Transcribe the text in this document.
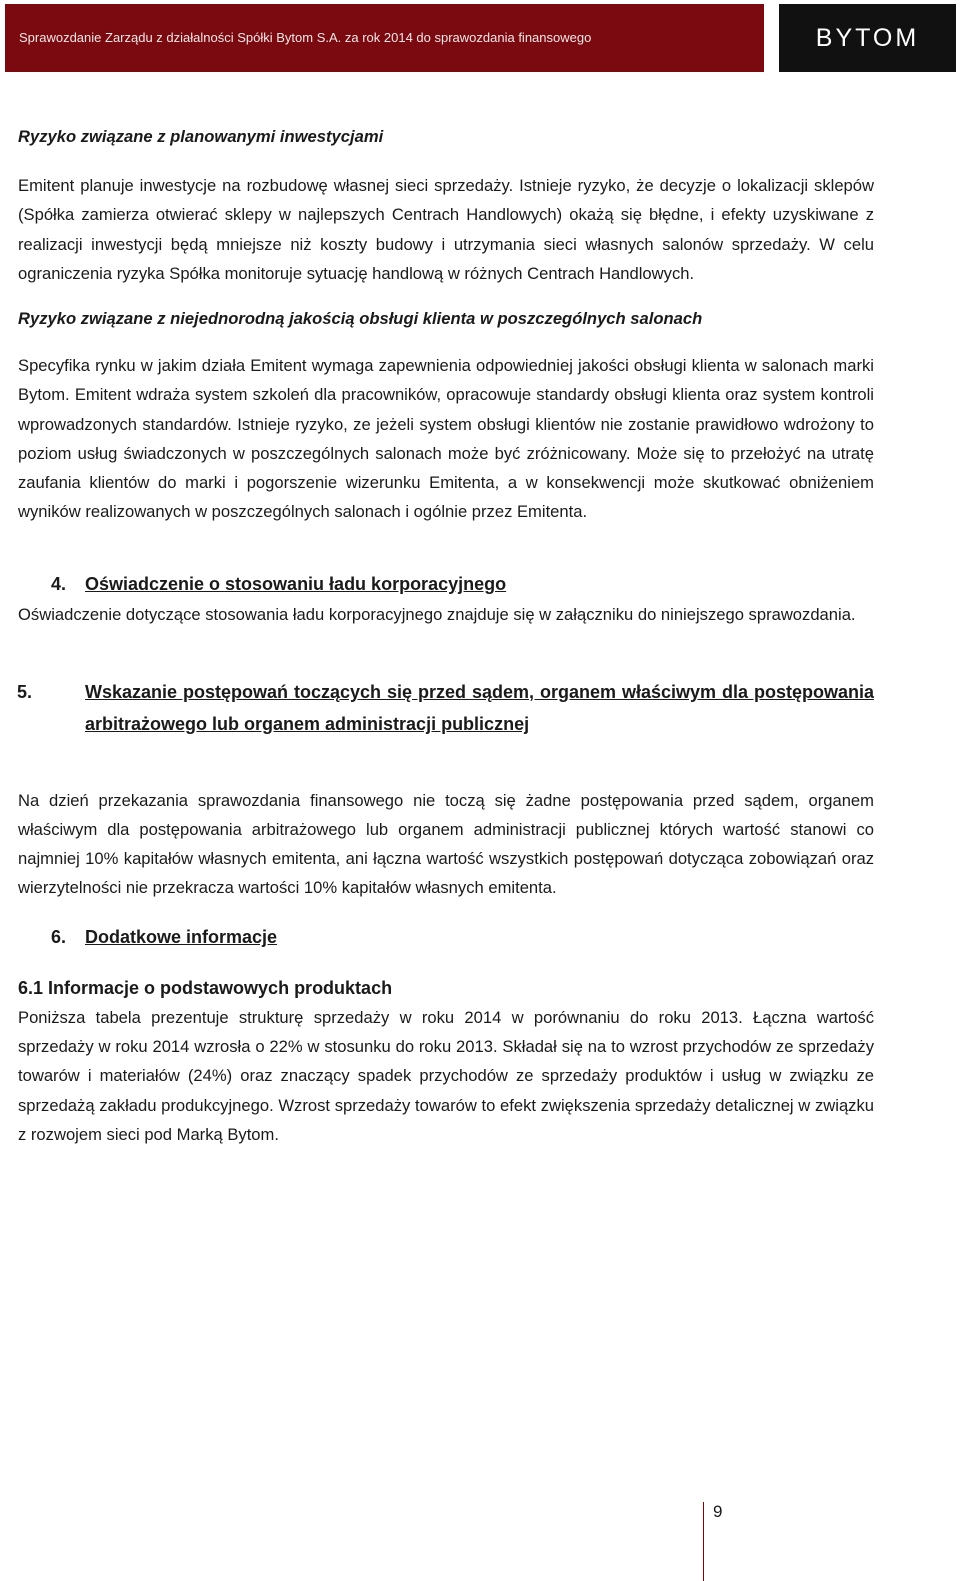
Sprawozdanie Zarządu z działalności Spółki Bytom S.A. za rok 2014 do sprawozdania finansowego	BYTOM

Ryzyko związane z planowanymi inwestycjami

Emitent planuje inwestycje na rozbudowę własnej sieci sprzedaży. Istnieje ryzyko, że decyzje o lokalizacji sklepów (Spółka zamierza otwierać sklepy w najlepszych Centrach Handlowych) okażą się błędne, i efekty uzyskiwane z realizacji inwestycji będą mniejsze niż koszty budowy i utrzymania sieci własnych salonów sprzedaży. W celu ograniczenia ryzyka Spółka monitoruje sytuację handlową w różnych Centrach Handlowych.

Ryzyko związane z niejednorodną jakością obsługi klienta w poszczególnych salonach

Specyfika rynku w jakim działa Emitent wymaga zapewnienia odpowiedniej jakości obsługi klienta w salonach marki Bytom. Emitent wdraża system szkoleń dla pracowników, opracowuje standardy obsługi klienta oraz system kontroli wprowadzonych standardów. Istnieje ryzyko, ze jeżeli system obsługi klientów nie zostanie prawidłowo wdrożony to poziom usług świadczonych w poszczególnych salonach może być zróżnicowany. Może się to przełożyć na utratę zaufania klientów do marki i pogorszenie wizerunku Emitenta, a w konsekwencji może skutkować obniżeniem wyników realizowanych w poszczególnych salonach i ogólnie przez Emitenta.

4. Oświadczenie o stosowaniu ładu korporacyjnego

Oświadczenie dotyczące stosowania ładu korporacyjnego znajduje się w załączniku do niniejszego sprawozdania.

5.	Wskazanie postępowań toczących się przed sądem, organem właściwym dla postępowania arbitrażowego lub organem administracji publicznej

Na dzień przekazania sprawozdania finansowego nie toczą się żadne postępowania przed sądem, organem właściwym dla postępowania arbitrażowego lub organem administracji publicznej których wartość stanowi co najmniej 10% kapitałów własnych emitenta, ani łączna wartość wszystkich postępowań dotycząca zobowiązań oraz wierzytelności nie przekracza wartości 10% kapitałów własnych emitenta.

6. Dodatkowe informacje

6.1 Informacje o podstawowych produktach

Poniższa tabela prezentuje strukturę sprzedaży w roku 2014 w porównaniu do roku 2013. Łączna wartość sprzedaży w roku 2014 wzrosła o 22% w stosunku do roku 2013. Składał się na to wzrost przychodów ze sprzedaży towarów i materiałów (24%) oraz znaczący spadek przychodów ze sprzedaży produktów i usług w związku ze sprzedażą zakładu produkcyjnego. Wzrost sprzedaży towarów to efekt zwiększenia sprzedaży detalicznej w związku z rozwojem sieci pod Marką Bytom.

9
